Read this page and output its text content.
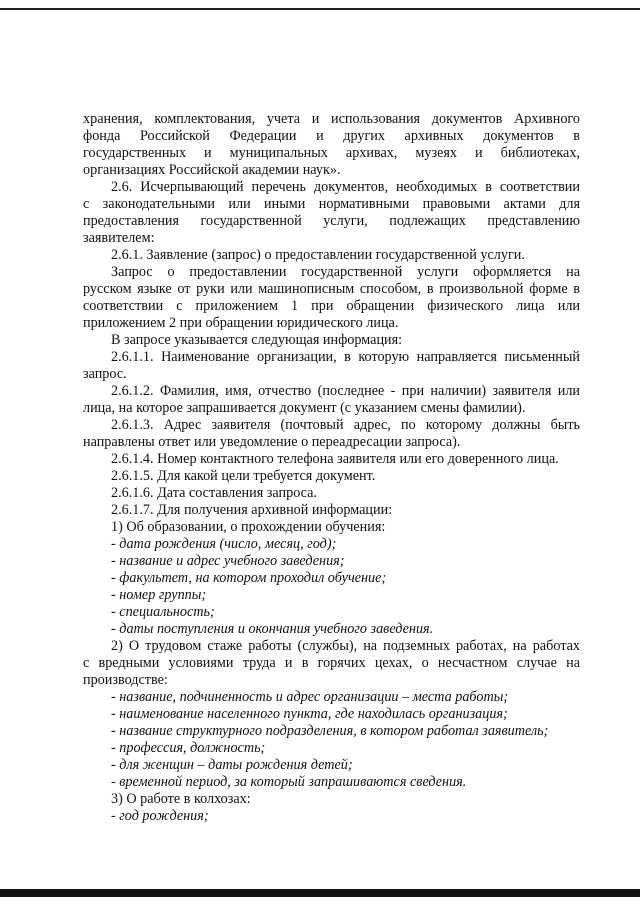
хранения, комплектования, учета и использования документов Архивного
фонда Российской Федерации и других архивных документов в
государственных и муниципальных архивах, музеях и библиотеках,
организациях Российской академии наук».
2.6. Исчерпывающий перечень документов, необходимых в соответствии
с законодательными или иными нормативными правовыми актами для
предоставления государственной услуги, подлежащих представлению
заявителем:
2.6.1. Заявление (запрос) о предоставлении государственной услуги.
Запрос о предоставлении государственной услуги оформляется на
русском языке от руки или машинописным способом, в произвольной форме в
соответствии с приложением 1 при обращении физического лица или
приложением 2 при обращении юридического лица.
В запросе указывается следующая информация:
2.6.1.1. Наименование организации, в которую направляется письменный
запрос.
2.6.1.2. Фамилия, имя, отчество (последнее - при наличии) заявителя или
лица, на которое запрашивается документ (с указанием смены фамилии).
2.6.1.3. Адрес заявителя (почтовый адрес, по которому должны быть
направлены ответ или уведомление о переадресации запроса).
2.6.1.4. Номер контактного телефона заявителя или его доверенного лица.
2.6.1.5. Для какой цели требуется документ.
2.6.1.6. Дата составления запроса.
2.6.1.7. Для получения архивной информации:
1) Об образовании, о прохождении обучения:
- дата рождения (число, месяц, год);
- название и адрес учебного заведения;
- факультет, на котором проходил обучение;
- номер группы;
- специальность;
- даты поступления и окончания учебного заведения.
2) О трудовом стаже работы (службы), на подземных работах, на работах
с вредными условиями труда и в горячих цехах, о несчастном случае на
производстве:
- название, подчиненность и адрес организации – места работы;
- наименование населенного пункта, где находилась организация;
- название структурного подразделения, в котором работал заявитель;
- профессия, должность;
- для женщин – даты рождения детей;
- временной период, за который запрашиваются сведения.
3) О работе в колхозах:
- год рождения;
